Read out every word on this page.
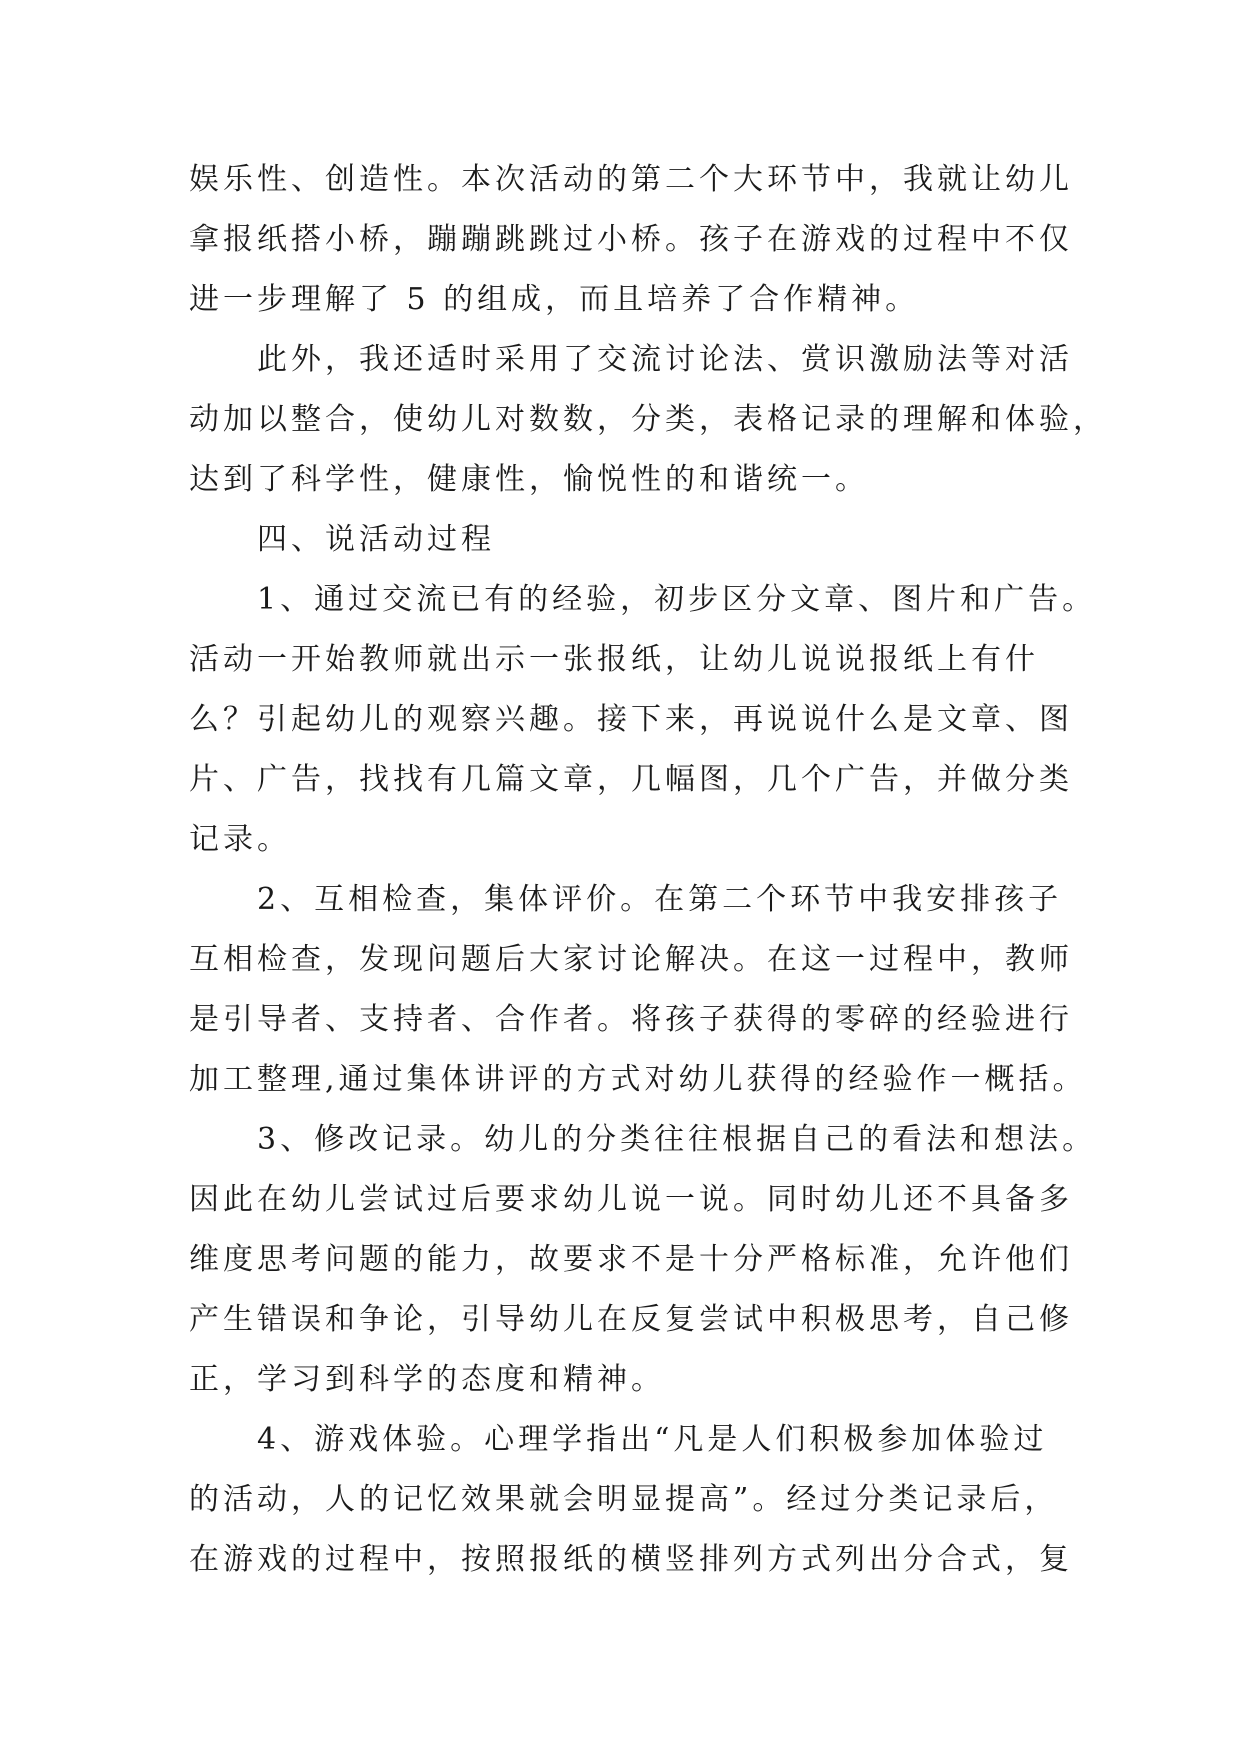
娱乐性、创造性。本次活动的第二个大环节中，我就让幼儿
拿报纸搭小桥，蹦蹦跳跳过小桥。孩子在游戏的过程中不仅
进一步理解了 5 的组成，而且培养了合作精神。
　　此外，我还适时采用了交流讨论法、赏识激励法等对活
动加以整合，使幼儿对数数，分类，表格记录的理解和体验，
达到了科学性，健康性，愉悦性的和谐统一。
　　四、说活动过程
　　1、通过交流已有的经验，初步区分文章、图片和广告。
活动一开始教师就出示一张报纸，让幼儿说说报纸上有什
么？引起幼儿的观察兴趣。接下来，再说说什么是文章、图
片、广告，找找有几篇文章，几幅图，几个广告，并做分类
记录。
　　2、互相检查，集体评价。在第二个环节中我安排孩子
互相检查，发现问题后大家讨论解决。在这一过程中，教师
是引导者、支持者、合作者。将孩子获得的零碎的经验进行
加工整理,通过集体讲评的方式对幼儿获得的经验作一概括。
　　3、修改记录。幼儿的分类往往根据自己的看法和想法。
因此在幼儿尝试过后要求幼儿说一说。同时幼儿还不具备多
维度思考问题的能力，故要求不是十分严格标准，允许他们
产生错误和争论，引导幼儿在反复尝试中积极思考，自己修
正，学习到科学的态度和精神。
　　4、游戏体验。心理学指出“凡是人们积极参加体验过
的活动，人的记忆效果就会明显提高”。经过分类记录后，
在游戏的过程中，按照报纸的横竖排列方式列出分合式，复
